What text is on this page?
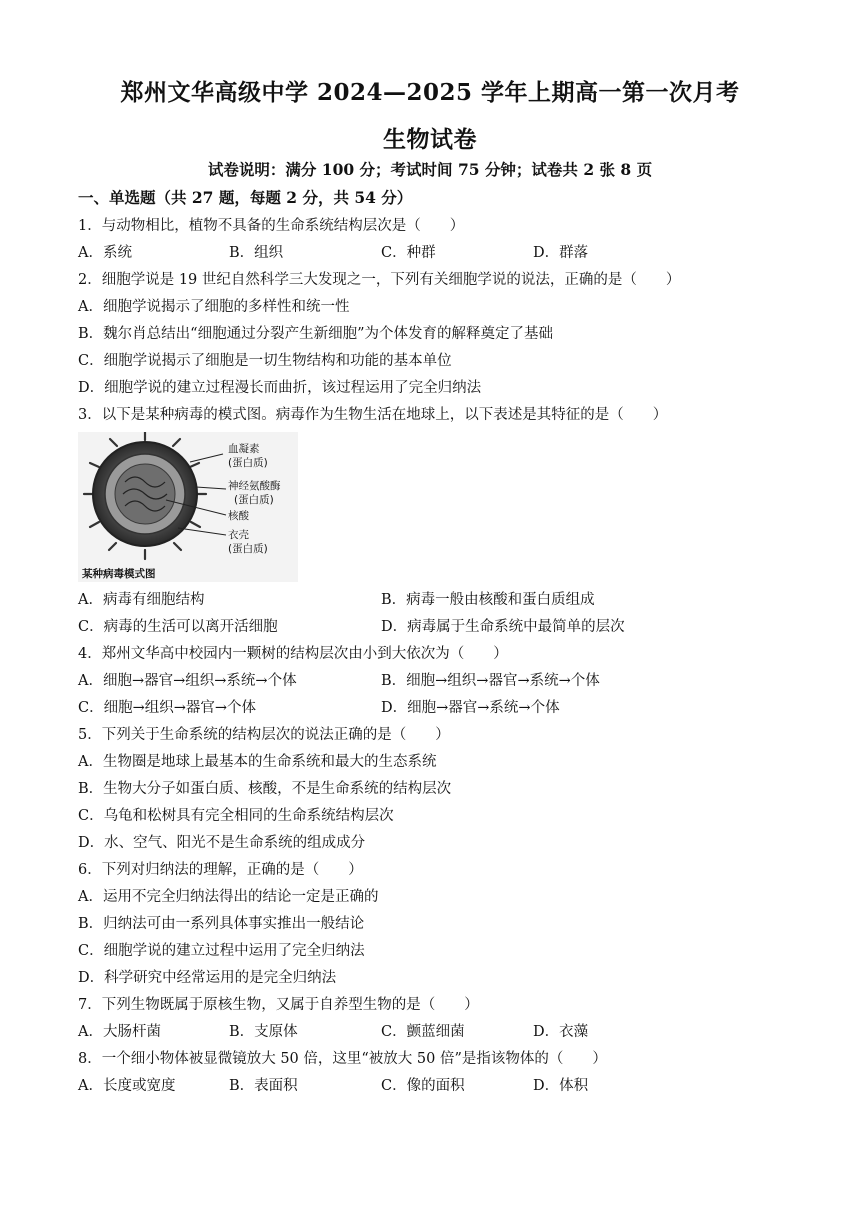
郑州文华高级中学 2024—2025 学年上期高一第一次月考
生物试卷
试卷说明：满分 100 分；考试时间 75 分钟；试卷共 2 张 8 页
一、单选题（共 27 题，每题 2 分，共 54 分）
1．与动物相比，植物不具备的生命系统结构层次是（　　）
A．系统	B．组织	C．种群	D．群落
2．细胞学说是 19 世纪自然科学三大发现之一，下列有关细胞学说的说法，正确的是（　　）
A．细胞学说揭示了细胞的多样性和统一性
B．魏尔肖总结出“细胞通过分裂产生新细胞”为个体发育的解释奠定了基础
C．细胞学说揭示了细胞是一切生物结构和功能的基本单位
D．细胞学说的建立过程漫长而曲折，该过程运用了完全归纳法
3．以下是某种病毒的模式图。病毒作为生物生活在地球上，以下表述是其特征的是（　　）
血凝素
(蛋白质)
神经氨酸酶
(蛋白质)
核酸
衣壳
(蛋白质)
某种病毒模式图
A．病毒有细胞结构	B．病毒一般由核酸和蛋白质组成
C．病毒的生活可以离开活细胞	D．病毒属于生命系统中最简单的层次
4．郑州文华高中校园内一颗树的结构层次由小到大依次为（　　）
A．细胞→器官→组织→系统→个体	B．细胞→组织→器官→系统→个体
C．细胞→组织→器官→个体	D．细胞→器官→系统→个体
5．下列关于生命系统的结构层次的说法正确的是（　　）
A．生物圈是地球上最基本的生命系统和最大的生态系统
B．生物大分子如蛋白质、核酸，不是生命系统的结构层次
C．乌龟和松树具有完全相同的生命系统结构层次
D．水、空气、阳光不是生命系统的组成成分
6．下列对归纳法的理解，正确的是（　　）
A．运用不完全归纳法得出的结论一定是正确的
B．归纳法可由一系列具体事实推出一般结论
C．细胞学说的建立过程中运用了完全归纳法
D．科学研究中经常运用的是完全归纳法
7．下列生物既属于原核生物，又属于自养型生物的是（　　）
A．大肠杆菌	B．支原体	C．颤蓝细菌	D．衣藻
8．一个细小物体被显微镜放大 50 倍，这里“被放大 50 倍”是指该物体的（　　）
A．长度或宽度	B．表面积	C．像的面积	D．体积
